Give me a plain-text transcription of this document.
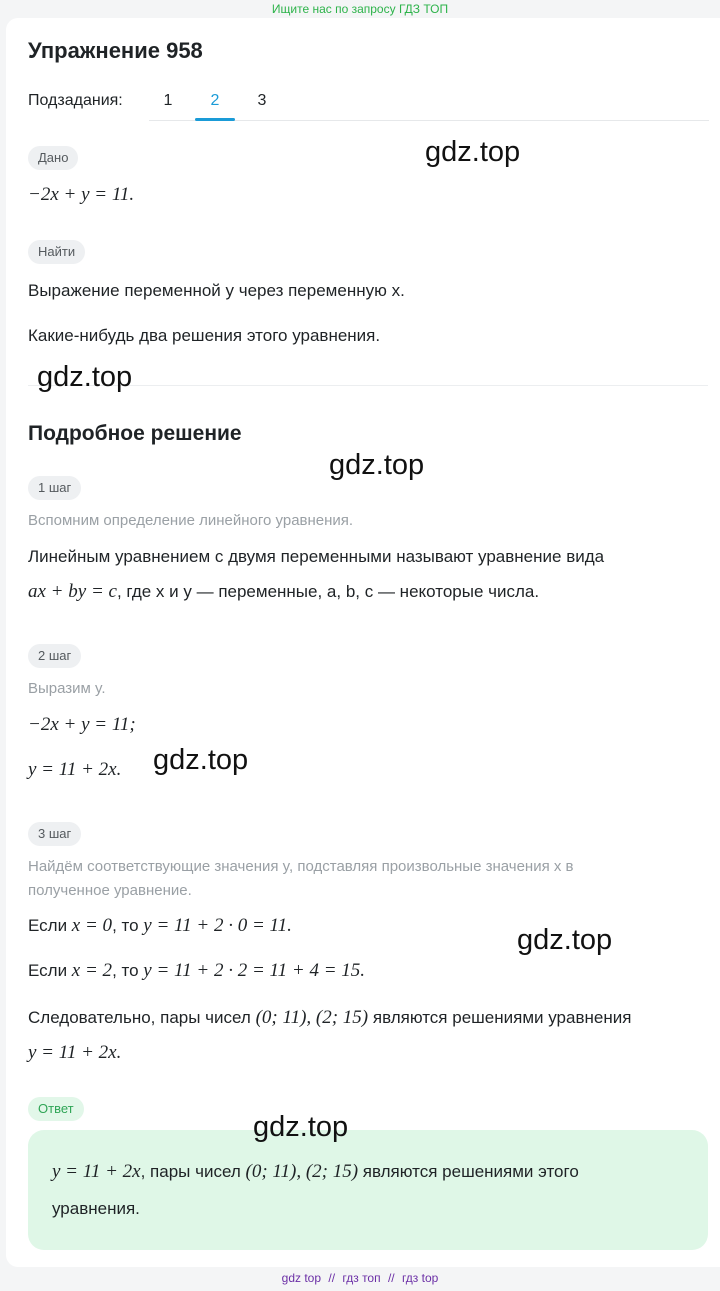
Ищите нас по запросу ГДЗ ТОП
Упражнение 958
Подзадания:	1	2	3
Дано
−2x + y = 11.
Найти
Выражение переменной y через переменную x.
Какие-нибудь два решения этого уравнения.
Подробное решение
1 шаг
Вспомним определение линейного уравнения.
Линейным уравнением с двумя переменными называют уравнение вида
ax + by = c, где x и y — переменные, a, b, c — некоторые числа.
2 шаг
Выразим y.
−2x + y = 11;
y = 11 + 2x.
3 шаг
Найдём соответствующие значения y, подставляя произвольные значения x в
полученное уравнение.
Если x = 0, то y = 11 + 2 · 0 = 11.
Если x = 2, то y = 11 + 2 · 2 = 11 + 4 = 15.
Следовательно, пары чисел (0; 11), (2; 15) являются решениями уравнения
y = 11 + 2x.
Ответ
y = 11 + 2x, пары чисел (0; 11), (2; 15) являются решениями этого
уравнения.
gdz.top
gdz.top
gdz.top
gdz.top
gdz.top
gdz.top
gdz top // гдз топ // гдз top
